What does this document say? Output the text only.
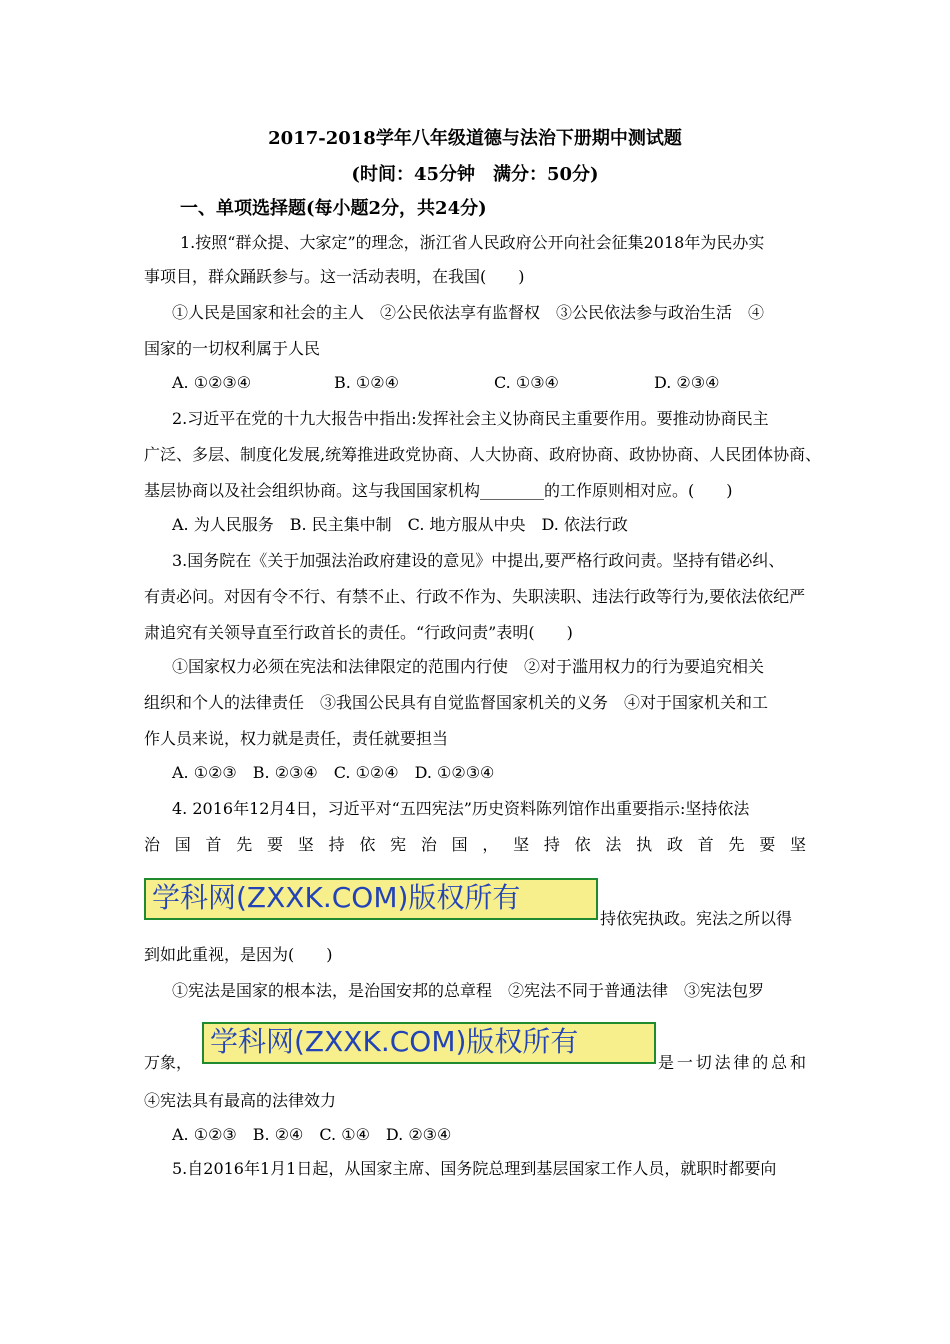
2017-2018学年八年级道德与法治下册期中测试题
(时间：45分钟　满分：50分)
一、单项选择题(每小题2分，共24分)
1.按照“群众提、大家定”的理念，浙江省人民政府公开向社会征集2018年为民办实
事项目，群众踊跃参与。这一活动表明，在我国(　　)
①人民是国家和社会的主人　②公民依法享有监督权　③公民依法参与政治生活　④
国家的一切权利属于人民
A. ①②③④	B. ①②④	C. ①③④	D. ②③④
2.习近平在党的十九大报告中指出:发挥社会主义协商民主重要作用。要推动协商民主
广泛、多层、制度化发展,统筹推进政党协商、人大协商、政府协商、政协协商、人民团体协商、
基层协商以及社会组织协商。这与我国国家机构________的工作原则相对应。(　　)
A. 为人民服务　B. 民主集中制　C. 地方服从中央　D. 依法行政
3.国务院在《关于加强法治政府建设的意见》中提出,要严格行政问责。坚持有错必纠、
有责必问。对因有令不行、有禁不止、行政不作为、失职渎职、违法行政等行为,要依法依纪严
肃追究有关领导直至行政首长的责任。“行政问责”表明(　　)
①国家权力必须在宪法和法律限定的范围内行使　②对于滥用权力的行为要追究相关
组织和个人的法律责任　③我国公民具有自觉监督国家机关的义务　④对于国家机关和工
作人员来说，权力就是责任，责任就要担当
A. ①②③　B. ②③④　C. ①②④　D. ①②③④
4. 2016年12月4日，习近平对“五四宪法”历史资料陈列馆作出重要指示:坚持依法
治国首先要坚持依宪治国，坚持依法执政首先要坚
学科网(ZXXK.COM)版权所有
持依宪执政。宪法之所以得
到如此重视，是因为(　　)
①宪法是国家的根本法，是治国安邦的总章程　②宪法不同于普通法律　③宪法包罗
万象，
学科网(ZXXK.COM)版权所有
是一切法律的总和
④宪法具有最高的法律效力
A. ①②③　B. ②④　C. ①④　D. ②③④
5.自2016年1月1日起，从国家主席、国务院总理到基层国家工作人员，就职时都要向
